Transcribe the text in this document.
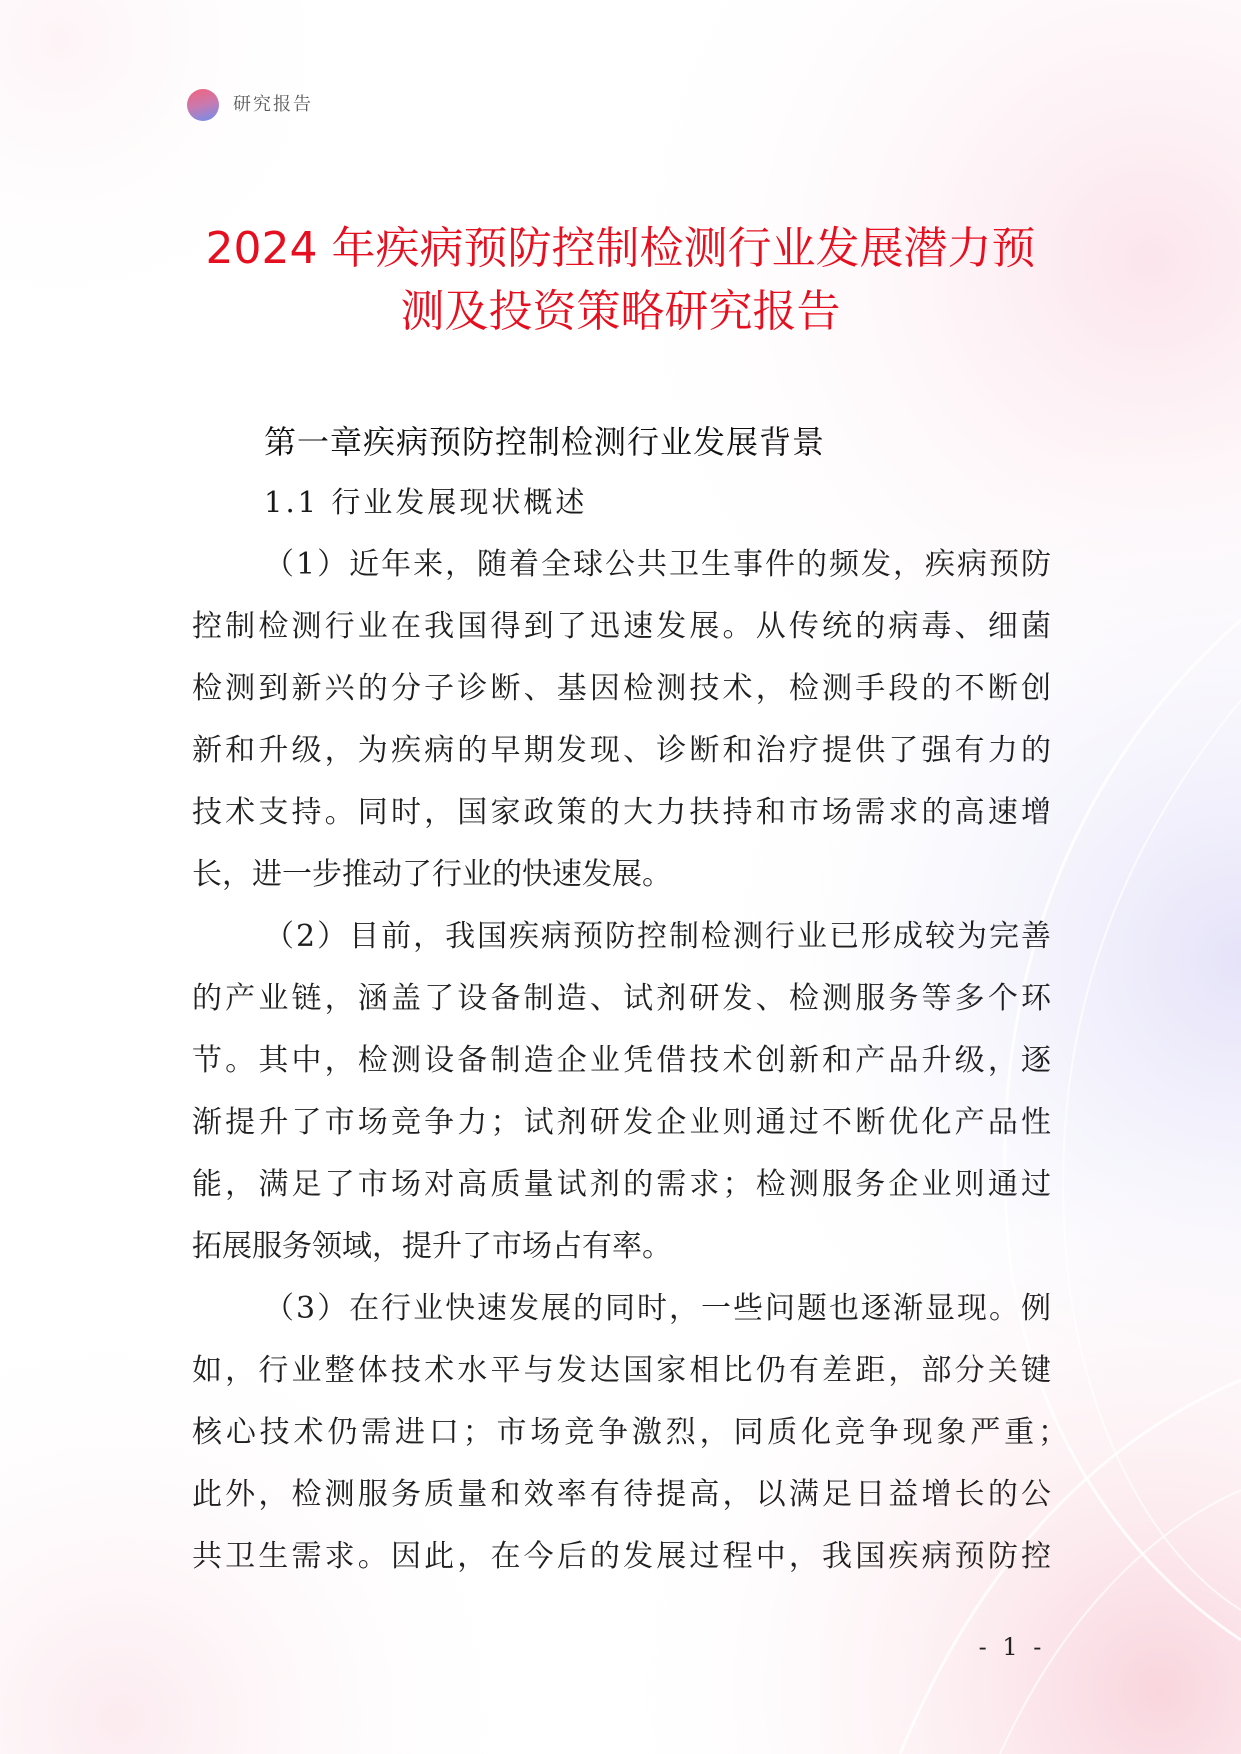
研究报告
2024 年疾病预防控制检测行业发展潜力预
测及投资策略研究报告
第一章疾病预防控制检测行业发展背景
1.1 行业发展现状概述
（1）近年来，随着全球公共卫生事件的频发，疾病预防
控制检测行业在我国得到了迅速发展。从传统的病毒、细菌
检测到新兴的分子诊断、基因检测技术，检测手段的不断创
新和升级，为疾病的早期发现、诊断和治疗提供了强有力的
技术支持。同时，国家政策的大力扶持和市场需求的高速增
长，进一步推动了行业的快速发展。
（2）目前，我国疾病预防控制检测行业已形成较为完善
的产业链，涵盖了设备制造、试剂研发、检测服务等多个环
节。其中，检测设备制造企业凭借技术创新和产品升级，逐
渐提升了市场竞争力；试剂研发企业则通过不断优化产品性
能，满足了市场对高质量试剂的需求；检测服务企业则通过
拓展服务领域，提升了市场占有率。
（3）在行业快速发展的同时，一些问题也逐渐显现。例
如，行业整体技术水平与发达国家相比仍有差距，部分关键
核心技术仍需进口；市场竞争激烈，同质化竞争现象严重；
此外，检测服务质量和效率有待提高，以满足日益增长的公
共卫生需求。因此，在今后的发展过程中，我国疾病预防控
- 1 -
